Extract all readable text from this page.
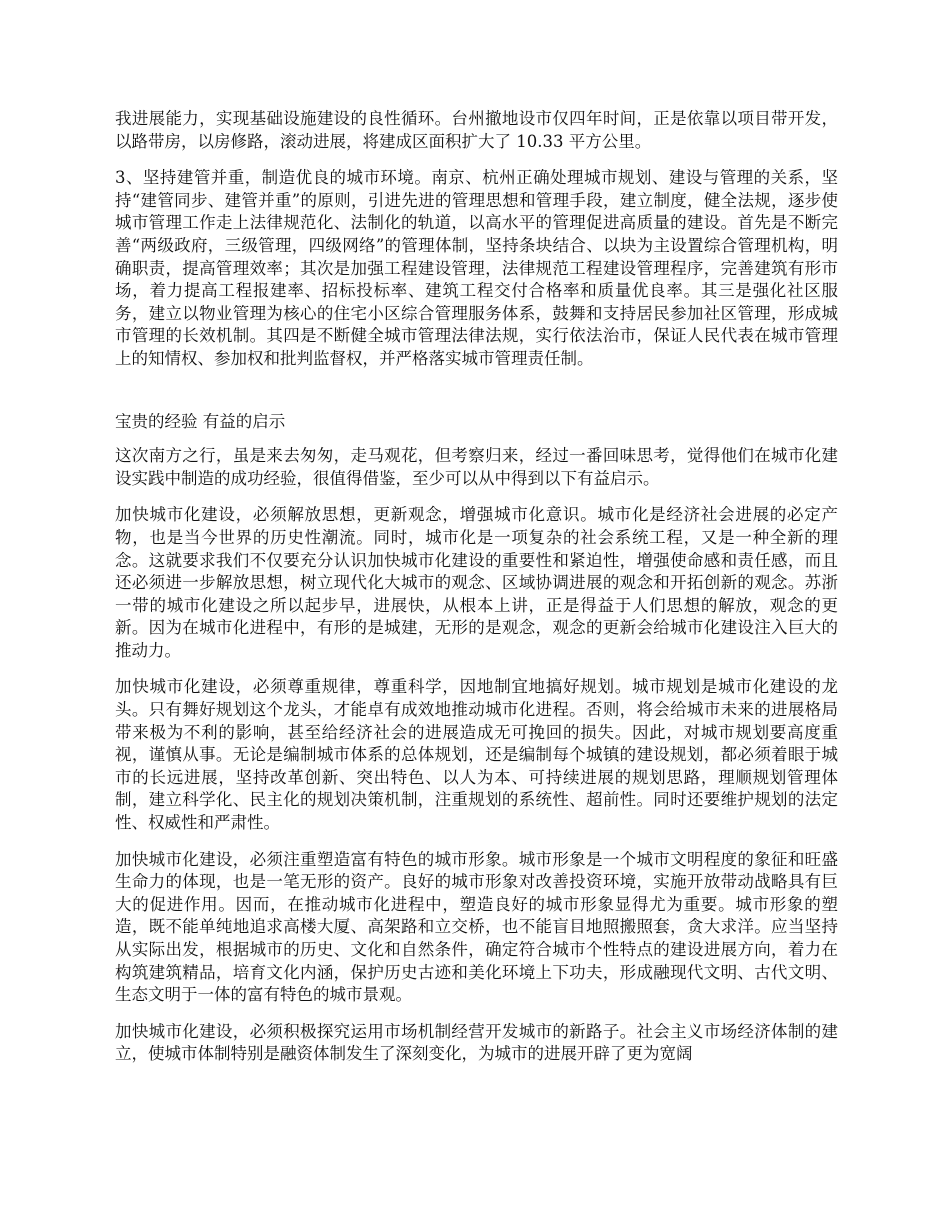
我进展能力，实现基础设施建设的良性循环。台州撤地设市仅四年时间，正是依靠以项目带开发，以路带房，以房修路，滚动进展，将建成区面积扩大了 10.33 平方公里。

3、坚持建管并重，制造优良的城市环境。南京、杭州正确处理城市规划、建设与管理的关系，坚持“建管同步、建管并重”的原则，引进先进的管理思想和管理手段，建立制度，健全法规，逐步使城市管理工作走上法律规范化、法制化的轨道，以高水平的管理促进高质量的建设。首先是不断完善“两级政府，三级管理，四级网络”的管理体制，坚持条块结合、以块为主设置综合管理机构，明确职责，提高管理效率；其次是加强工程建设管理，法律规范工程建设管理程序，完善建筑有形市场，着力提高工程报建率、招标投标率、建筑工程交付合格率和质量优良率。其三是强化社区服务，建立以物业管理为核心的住宅小区综合管理服务体系，鼓舞和支持居民参加社区管理，形成城市管理的长效机制。其四是不断健全城市管理法律法规，实行依法治市，保证人民代表在城市管理上的知情权、参加权和批判监督权，并严格落实城市管理责任制。

宝贵的经验 有益的启示

这次南方之行，虽是来去匆匆，走马观花，但考察归来，经过一番回味思考，觉得他们在城市化建设实践中制造的成功经验，很值得借鉴，至少可以从中得到以下有益启示。

加快城市化建设，必须解放思想，更新观念，增强城市化意识。城市化是经济社会进展的必定产物，也是当今世界的历史性潮流。同时，城市化是一项复杂的社会系统工程，又是一种全新的理念。这就要求我们不仅要充分认识加快城市化建设的重要性和紧迫性，增强使命感和责任感，而且还必须进一步解放思想，树立现代化大城市的观念、区域协调进展的观念和开拓创新的观念。苏浙一带的城市化建设之所以起步早，进展快，从根本上讲，正是得益于人们思想的解放，观念的更新。因为在城市化进程中，有形的是城建，无形的是观念，观念的更新会给城市化建设注入巨大的推动力。

加快城市化建设，必须尊重规律，尊重科学，因地制宜地搞好规划。城市规划是城市化建设的龙头。只有舞好规划这个龙头，才能卓有成效地推动城市化进程。否则，将会给城市未来的进展格局带来极为不利的影响，甚至给经济社会的进展造成无可挽回的损失。因此，对城市规划要高度重视，谨慎从事。无论是编制城市体系的总体规划，还是编制每个城镇的建设规划，都必须着眼于城市的长远进展，坚持改革创新、突出特色、以人为本、可持续进展的规划思路，理顺规划管理体制，建立科学化、民主化的规划决策机制，注重规划的系统性、超前性。同时还要维护规划的法定性、权威性和严肃性。

加快城市化建设，必须注重塑造富有特色的城市形象。城市形象是一个城市文明程度的象征和旺盛生命力的体现，也是一笔无形的资产。良好的城市形象对改善投资环境，实施开放带动战略具有巨大的促进作用。因而，在推动城市化进程中，塑造良好的城市形象显得尤为重要。城市形象的塑造，既不能单纯地追求高楼大厦、高架路和立交桥，也不能盲目地照搬照套，贪大求洋。应当坚持从实际出发，根据城市的历史、文化和自然条件，确定符合城市个性特点的建设进展方向，着力在构筑建筑精品，培育文化内涵，保护历史古迹和美化环境上下功夫，形成融现代文明、古代文明、生态文明于一体的富有特色的城市景观。

加快城市化建设，必须积极探究运用市场机制经营开发城市的新路子。社会主义市场经济体制的建立，使城市体制特别是融资体制发生了深刻变化，为城市的进展开辟了更为宽阔
